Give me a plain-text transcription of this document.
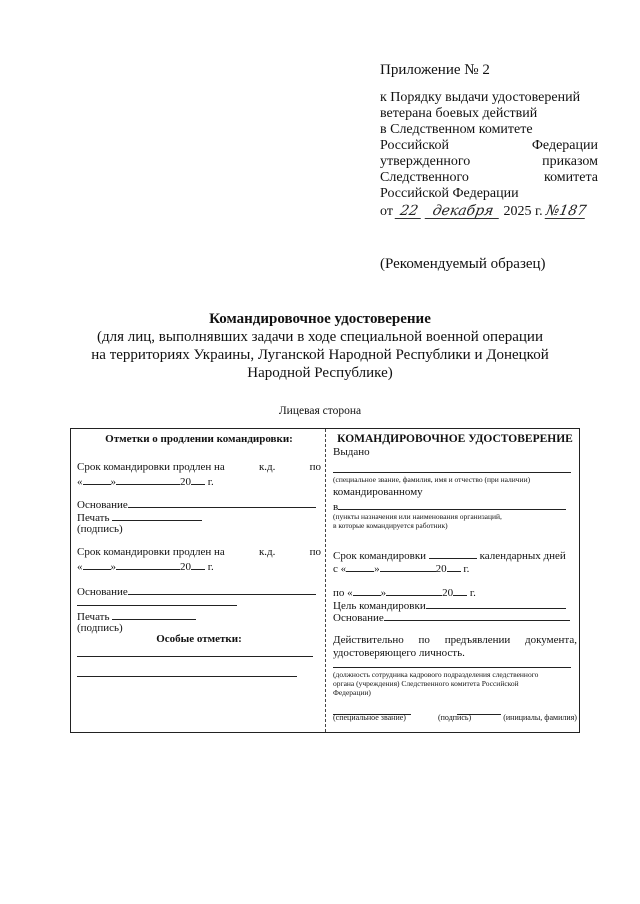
Приложение № 2
к Порядку выдачи удостоверений
ветерана боевых действий
в Следственном комитете
Российской	Федерации
утвержденного	приказом
Следственного	комитета
Российской Федерации
от 22 декабря 2025 г. №187
(Рекомендуемый образец)
Командировочное удостоверение
(для лиц, выполнявших задачи в ходе специальной военной операции
на территориях Украины, Луганской Народной Республики и Донецкой
Народной Республике)
Лицевая сторона
Отметки о продлении командировки:
Срок командировки продлен на	к.д.	по
«	»	20 г.
Основание
Печать
(подпись)
Срок командировки продлен на	к.д.	по
«	»	20 г.
Основание
Печать
(подпись)
Особые отметки:
КОМАНДИРОВОЧНОЕ УДОСТОВЕРЕНИЕ
Выдано
(специальное звание, фамилия, имя и отчество (при наличии)
командированному
в
(пункты назначения или наименования организаций,
в которые командируется работник)
Срок командировки	календарных дней
с «	»	20 г.
по «	»	20 г.
Цель командировки
Основание
Действительно по предъявлении документа,
удостоверяющего личность.
(должность сотрудника кадрового подразделения следственного
органа (учреждения) Следственного комитета Российской
Федерации)
(специальное звание)	(подпись)	(инициалы, фамилия)
